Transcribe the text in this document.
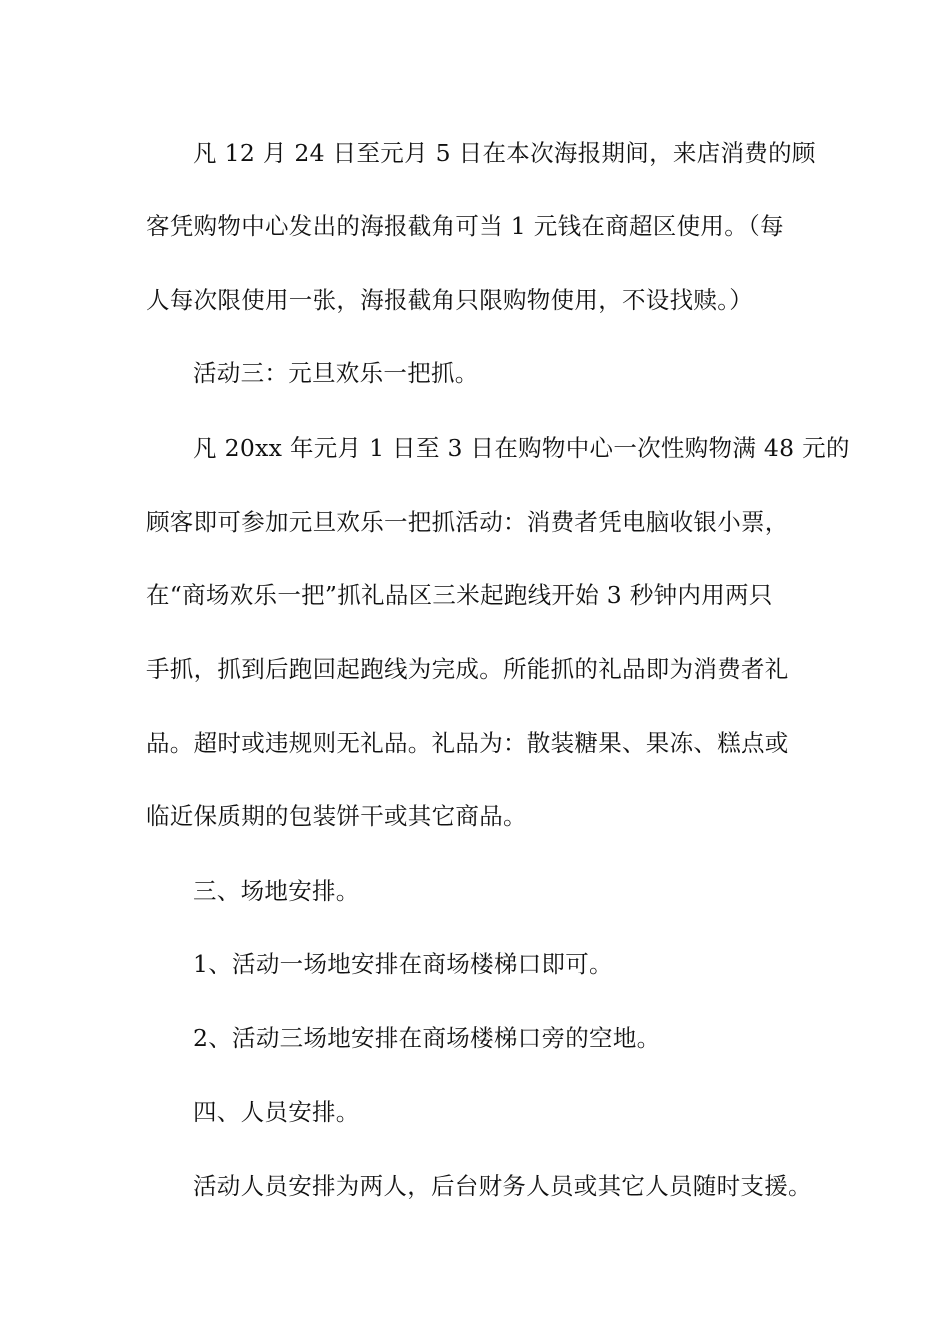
凡 12 月 24 日至元月 5 日在本次海报期间，来店消费的顾
客凭购物中心发出的海报截角可当 1 元钱在商超区使用。（每
人每次限使用一张，海报截角只限购物使用，不设找赎。）
活动三：元旦欢乐一把抓。
凡 20xx 年元月 1 日至 3 日在购物中心一次性购物满 48 元的
顾客即可参加元旦欢乐一把抓活动：消费者凭电脑收银小票，
在“商场欢乐一把”抓礼品区三米起跑线开始 3 秒钟内用两只
手抓，抓到后跑回起跑线为完成。所能抓的礼品即为消费者礼
品。超时或违规则无礼品。礼品为：散装糖果、果冻、糕点或
临近保质期的包装饼干或其它商品。
三、场地安排。
1、活动一场地安排在商场楼梯口即可。
2、活动三场地安排在商场楼梯口旁的空地。
四、人员安排。
活动人员安排为两人，后台财务人员或其它人员随时支援。
